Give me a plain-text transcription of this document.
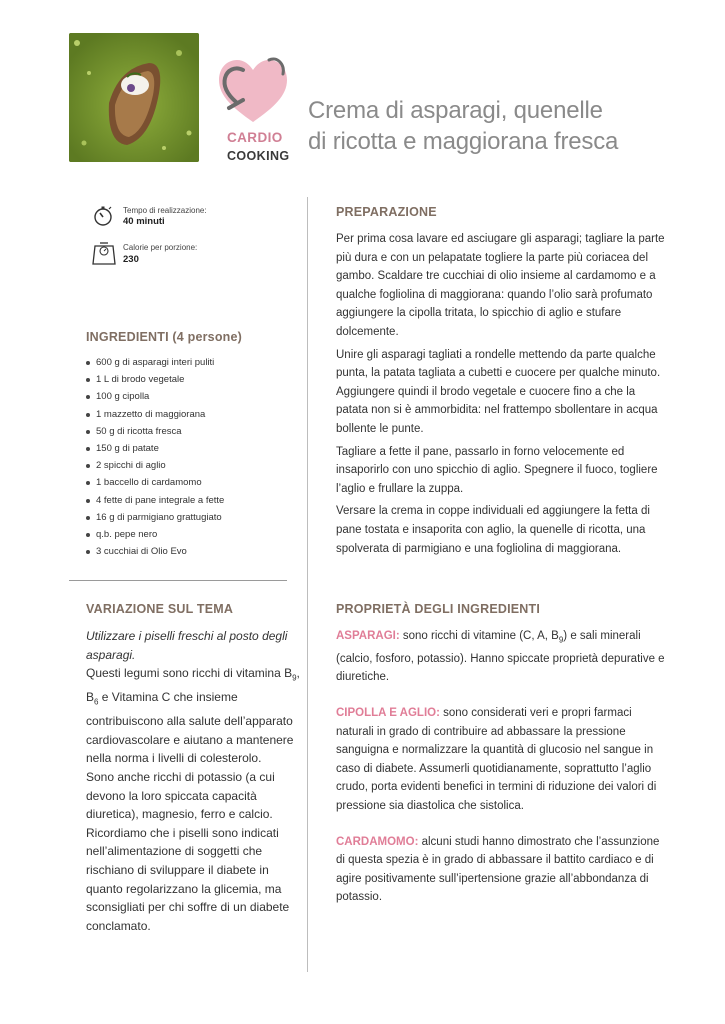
CARDIO
COOKING
Crema di asparagi, quenelle
di ricotta e maggiorana fresca
Tempo di realizzazione:
40 minuti
Calorie per porzione:
230
INGREDIENTI (4 persone)
600 g di asparagi interi puliti
1 L di brodo vegetale
100 g cipolla
1 mazzetto di maggiorana
50 g di ricotta fresca
150 g di patate
2 spicchi di aglio
1 baccello di cardamomo
4 fette di pane integrale a fette
16 g di parmigiano grattugiato
q.b. pepe nero
3 cucchiai di Olio Evo
VARIAZIONE SUL TEMA

Utilizzare i piselli freschi al posto degli asparagi.

Questi legumi sono ricchi di vitamina $B_9$, $B_6$ e Vitamina C che insieme contribuiscono alla salute dell’apparato cardiovascolare e aiutano a mantenere nella norma i livelli di colesterolo.

Sono anche ricchi di potassio (a cui devono la loro spiccata capacità diuretica), magnesio, ferro e calcio.

Ricordiamo che i piselli sono indicati nell’alimentazione di soggetti che rischiano di sviluppare il diabete in quanto regolarizzano la glicemia, ma sconsigliati per chi soffre di un diabete conclamato.

PREPARAZIONE

Per prima cosa lavare ed asciugare gli asparagi; tagliare la parte più dura e con un pelapatate togliere la parte più coriacea del gambo. Scaldare tre cucchiai di olio insieme al cardamomo e a qualche fogliolina di maggiorana: quando l’olio sarà profumato aggiungere la cipolla tritata, lo spicchio di aglio e stufare dolcemente.

Unire gli asparagi tagliati a rondelle mettendo da parte qualche punta, la patata tagliata a cubetti e cuocere per qualche minuto. Aggiungere quindi il brodo vegetale e cuocere fino a che la patata non si è ammorbidita: nel frattempo sbollentare in acqua bollente le punte.

Tagliare a fette il pane, passarlo in forno velocemente ed insaporirlo con uno spicchio di aglio. Spegnere il fuoco, togliere l’aglio e frullare la zuppa.

Versare la crema in coppe individuali ed aggiungere la fetta di pane tostata e insaporita con aglio, la quenelle di ricotta, una spolverata di parmigiano e una fogliolina di maggiorana.

PROPRIETÀ DEGLI INGREDIENTI

ASPARAGI: sono ricchi di vitamine (C, A, $B_9$) e sali minerali (calcio, fosforo, potassio). Hanno spiccate proprietà depurative e diuretiche.

CIPOLLA E AGLIO: sono considerati veri e propri farmaci naturali in grado di contribuire ad abbassare la pressione sanguigna e normalizzare la quantità di glucosio nel sangue in caso di diabete. Assumerli quotidianamente, soprattutto l’aglio crudo, porta evidenti benefici in termini di riduzione dei valori di pressione sia diastolica che sistolica.

CARDAMOMO: alcuni studi hanno dimostrato che l’assunzione di questa spezia è in grado di abbassare il battito cardiaco e di agire positivamente sull’ipertensione grazie all’abbondanza di potassio.
